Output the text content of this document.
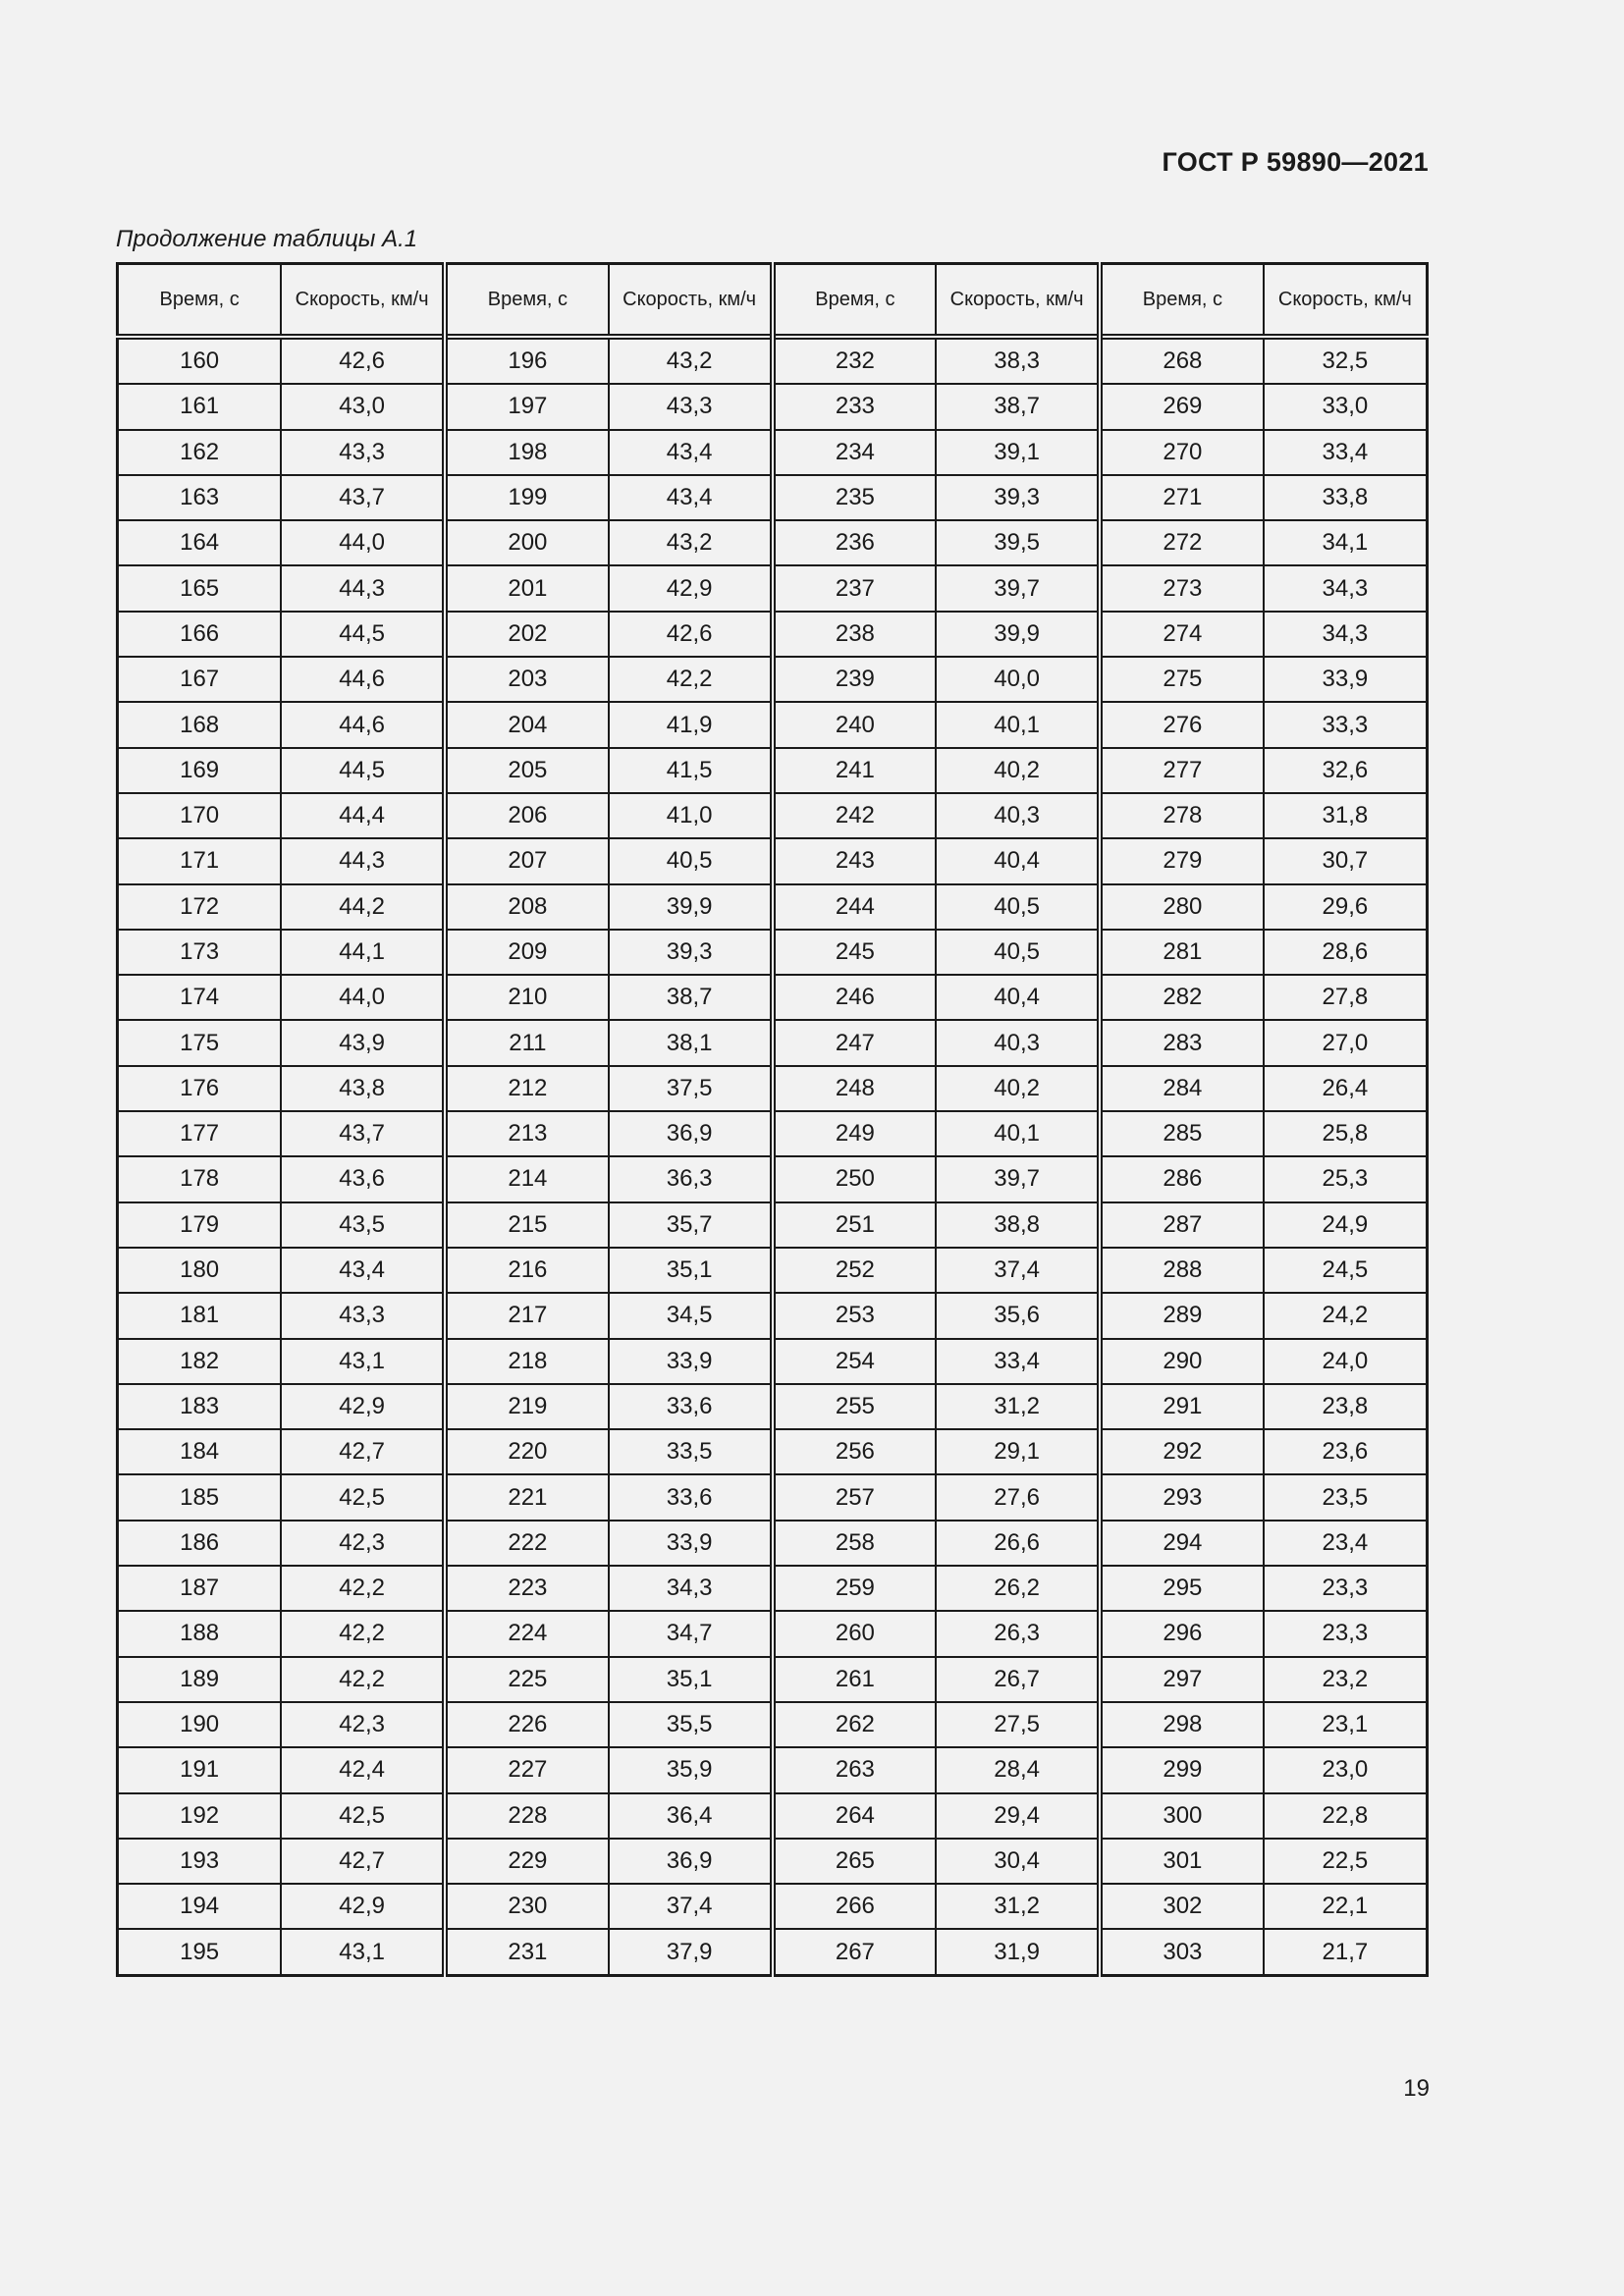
ГОСТ Р 59890—2021
Продолжение таблицы А.1
Время, с	Скорость, км/ч	Время, с	Скорость, км/ч	Время, с	Скорость, км/ч	Время, с	Скорость, км/ч
160	42,6	196	43,2	232	38,3	268	32,5
161	43,0	197	43,3	233	38,7	269	33,0
162	43,3	198	43,4	234	39,1	270	33,4
163	43,7	199	43,4	235	39,3	271	33,8
164	44,0	200	43,2	236	39,5	272	34,1
165	44,3	201	42,9	237	39,7	273	34,3
166	44,5	202	42,6	238	39,9	274	34,3
167	44,6	203	42,2	239	40,0	275	33,9
168	44,6	204	41,9	240	40,1	276	33,3
169	44,5	205	41,5	241	40,2	277	32,6
170	44,4	206	41,0	242	40,3	278	31,8
171	44,3	207	40,5	243	40,4	279	30,7
172	44,2	208	39,9	244	40,5	280	29,6
173	44,1	209	39,3	245	40,5	281	28,6
174	44,0	210	38,7	246	40,4	282	27,8
175	43,9	211	38,1	247	40,3	283	27,0
176	43,8	212	37,5	248	40,2	284	26,4
177	43,7	213	36,9	249	40,1	285	25,8
178	43,6	214	36,3	250	39,7	286	25,3
179	43,5	215	35,7	251	38,8	287	24,9
180	43,4	216	35,1	252	37,4	288	24,5
181	43,3	217	34,5	253	35,6	289	24,2
182	43,1	218	33,9	254	33,4	290	24,0
183	42,9	219	33,6	255	31,2	291	23,8
184	42,7	220	33,5	256	29,1	292	23,6
185	42,5	221	33,6	257	27,6	293	23,5
186	42,3	222	33,9	258	26,6	294	23,4
187	42,2	223	34,3	259	26,2	295	23,3
188	42,2	224	34,7	260	26,3	296	23,3
189	42,2	225	35,1	261	26,7	297	23,2
190	42,3	226	35,5	262	27,5	298	23,1
191	42,4	227	35,9	263	28,4	299	23,0
192	42,5	228	36,4	264	29,4	300	22,8
193	42,7	229	36,9	265	30,4	301	22,5
194	42,9	230	37,4	266	31,2	302	22,1
195	43,1	231	37,9	267	31,9	303	21,7
19
